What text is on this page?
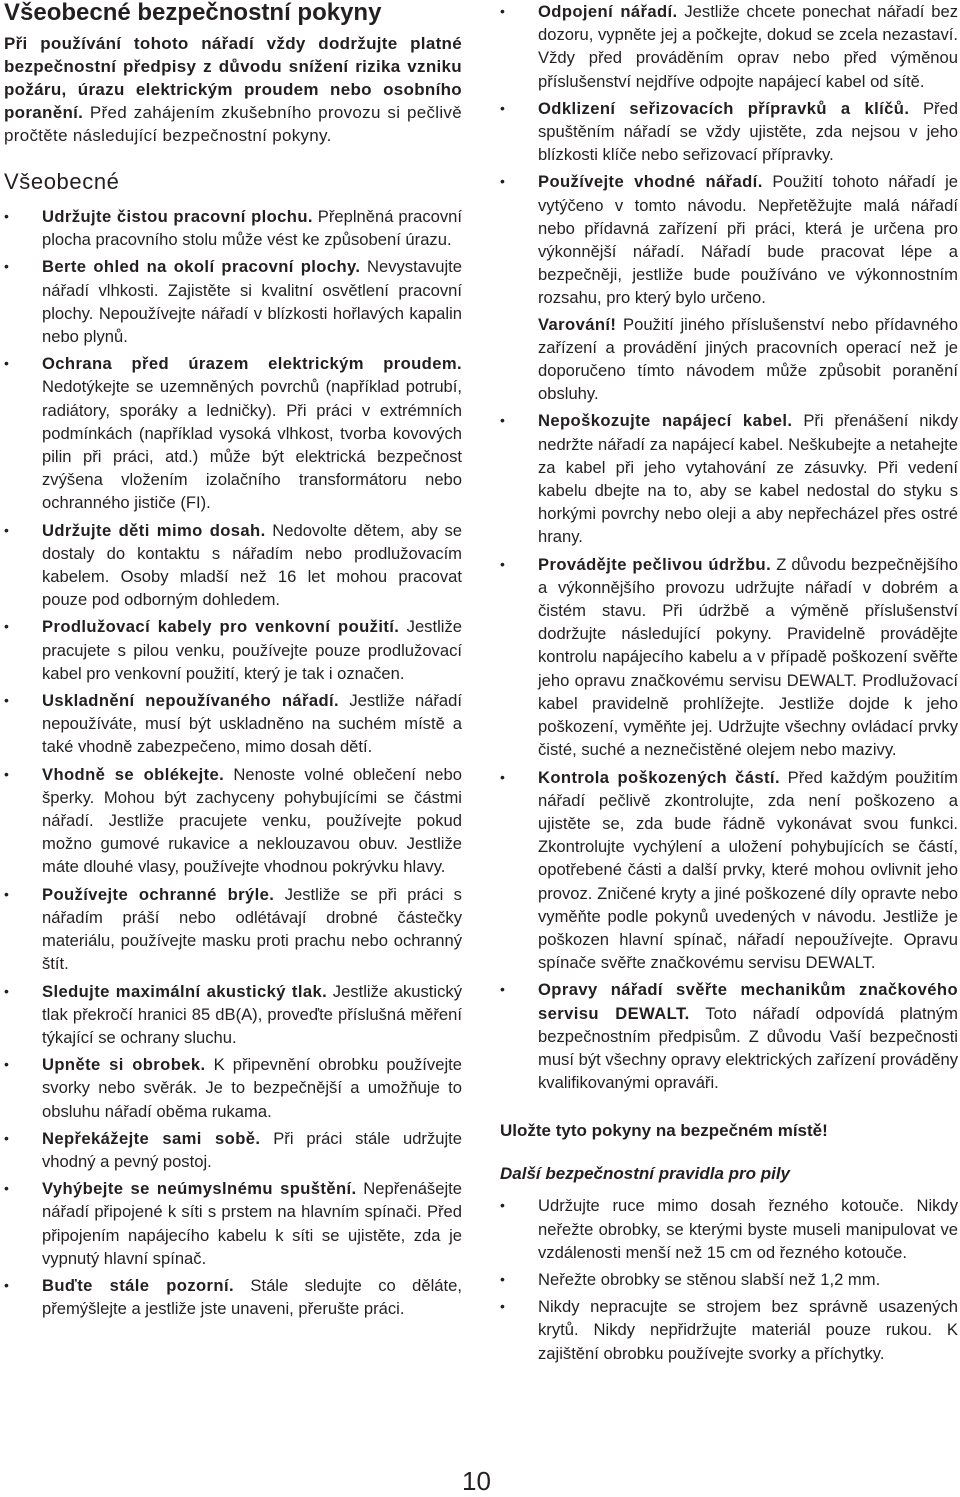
Všeobecné bezpečnostní pokyny

Při používání tohoto nářadí vždy dodržujte platné bezpečnostní předpisy z důvodu snížení rizika vzniku požáru, úrazu elektrickým proudem nebo osobního poranění. Před zahájením zkušebního provozu si pečlivě pročtěte následující bezpečnostní pokyny.

Všeobecné
•	Udržujte čistou pracovní plochu. Přeplněná pracovní plocha pracovního stolu může vést ke způsobení úrazu.
•	Berte ohled na okolí pracovní plochy. Nevystavujte nářadí vlhkosti. Zajistěte si kvalitní osvětlení pracovní plochy. Nepoužívejte nářadí v blízkosti hořlavých kapalin nebo plynů.
•	Ochrana před úrazem elektrickým proudem. Nedotýkejte se uzemněných povrchů (například potrubí, radiátory, sporáky a ledničky). Při práci v extrémních podmínkách (například vysoká vlhkost, tvorba kovových pilin při práci, atd.) může být elektrická bezpečnost zvýšena vložením izolačního transformátoru nebo ochranného jističe (FI).
•	Udržujte děti mimo dosah. Nedovolte dětem, aby se dostaly do kontaktu s nářadím nebo prodlužovacím kabelem. Osoby mladší než 16 let mohou pracovat pouze pod odborným dohledem.
•	Prodlužovací kabely pro venkovní použití. Jestliže pracujete s pilou venku, používejte pouze prodlužovací kabel pro venkovní použití, který je tak i označen.
•	Uskladnění nepoužívaného nářadí. Jestliže nářadí nepoužíváte, musí být uskladněno na suchém místě a také vhodně zabezpečeno, mimo dosah dětí.
•	Vhodně se oblékejte. Nenoste volné oblečení nebo šperky. Mohou být zachyceny pohybujícími se částmi nářadí. Jestliže pracujete venku, používejte pokud možno gumové rukavice a neklouzavou obuv. Jestliže máte dlouhé vlasy, používejte vhodnou pokrývku hlavy.
•	Používejte ochranné brýle. Jestliže se při práci s nářadím práší nebo odlétávají drobné částečky materiálu, používejte masku proti prachu nebo ochranný štít.
•	Sledujte maximální akustický tlak. Jestliže akustický tlak překročí hranici 85 dB(A), proveďte příslušná měření týkající se ochrany sluchu.
•	Upněte si obrobek. K připevnění obrobku používejte svorky nebo svěrák. Je to bezpečnější a umožňuje to obsluhu nářadí oběma rukama.
•	Nepřekážejte sami sobě. Při práci stále udržujte vhodný a pevný postoj.
•	Vyhýbejte se neúmyslnému spuštění. Nepřenášejte nářadí připojené k síti s prstem na hlavním spínači. Před připojením napájecího kabelu k síti se ujistěte, zda je vypnutý hlavní spínač.
•	Buďte stále pozorní. Stále sledujte co děláte, přemýšlejte a jestliže jste unaveni, přerušte práci.
•	Odpojení nářadí. Jestliže chcete ponechat nářadí bez dozoru, vypněte jej a počkejte, dokud se zcela nezastaví. Vždy před prováděním oprav nebo před výměnou příslušenství nejdříve odpojte napájecí kabel od sítě.
•	Odklizení seřizovacích přípravků a klíčů. Před spuštěním nářadí se vždy ujistěte, zda nejsou v jeho blízkosti klíče nebo seřizovací přípravky.
•	Používejte vhodné nářadí. Použití tohoto nářadí je vytýčeno v tomto návodu. Nepřetěžujte malá nářadí nebo přídavná zařízení při práci, která je určena pro výkonnější nářadí. Nářadí bude pracovat lépe a bezpečněji, jestliže bude používáno ve výkonnostním rozsahu, pro který bylo určeno.
Varování! Použití jiného příslušenství nebo přídavného zařízení a provádění jiných pracovních operací než je doporučeno tímto návodem může způsobit poranění obsluhy.
•	Nepoškozujte napájecí kabel. Při přenášení nikdy nedržte nářadí za napájecí kabel. Neškubejte a netahejte za kabel při jeho vytahování ze zásuvky. Při vedení kabelu dbejte na to, aby se kabel nedostal do styku s horkými povrchy nebo oleji a aby nepřecházel přes ostré hrany.
•	Provádějte pečlivou údržbu. Z důvodu bezpečnějšího a výkonnějšího provozu udržujte nářadí v dobrém a čistém stavu. Při údržbě a výměně příslušenství dodržujte následující pokyny. Pravidelně provádějte kontrolu napájecího kabelu a v případě poškození svěřte jeho opravu značkovému servisu DEWALT. Prodlužovací kabel pravidelně prohlížejte. Jestliže dojde k jeho poškození, vyměňte jej. Udržujte všechny ovládací prvky čisté, suché a neznečistěné olejem nebo mazivy.
•	Kontrola poškozených částí. Před každým použitím nářadí pečlivě zkontrolujte, zda není poškozeno a ujistěte se, zda bude řádně vykonávat svou funkci. Zkontrolujte vychýlení a uložení pohybujících se částí, opotřebené části a další prvky, které mohou ovlivnit jeho provoz. Zničené kryty a jiné poškozené díly opravte nebo vyměňte podle pokynů uvedených v návodu. Jestliže je poškozen hlavní spínač, nářadí nepoužívejte. Opravu spínače svěřte značkovému servisu DEWALT.
•	Opravy nářadí svěřte mechanikům značkového servisu DEWALT. Toto nářadí odpovídá platným bezpečnostním předpisům. Z důvodu Vaší bezpečnosti musí být všechny opravy elektrických zařízení prováděny kvalifikovanými opraváři.

Uložte tyto pokyny na bezpečném místě!

Další bezpečnostní pravidla pro pily

•	Udržujte ruce mimo dosah řezného kotouče. Nikdy neřežte obrobky, se kterými byste museli manipulovat ve vzdálenosti menší než 15 cm od řezného kotouče.
•	Neřežte obrobky se stěnou slabší než 1,2 mm.
•	Nikdy nepracujte se strojem bez správně usazených krytů. Nikdy nepřidržujte materiál pouze rukou. K zajištění obrobku používejte svorky a příchytky.
10
